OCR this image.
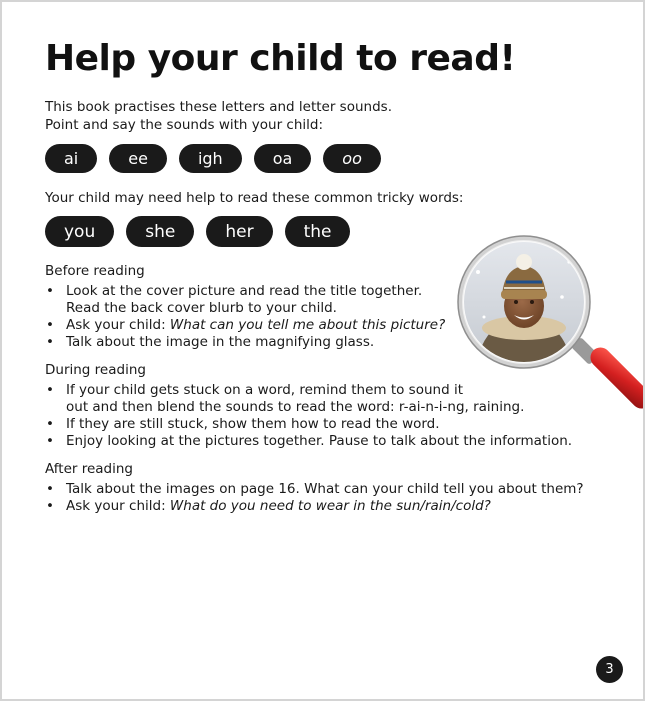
Help your child to read!

This book practises these letters and letter sounds.
Point and say the sounds with your child:

ai	ee	igh	oa	oo

Your child may need help to read these common tricky words:

you	she	her	the
Before reading
• Look at the cover picture and read the title together.
Read the back cover blurb to your child.
• Ask your child: What can you tell me about this picture?
• Talk about the image in the magnifying glass.
During reading
• If your child gets stuck on a word, remind them to sound it
out and then blend the sounds to read the word: r-ai-n-i-ng, raining.
• If they are still stuck, show them how to read the word.
• Enjoy looking at the pictures together. Pause to talk about the information.
After reading
• Talk about the images on page 16. What can your child tell you about them?
• Ask your child: What do you need to wear in the sun/rain/cold?
3
